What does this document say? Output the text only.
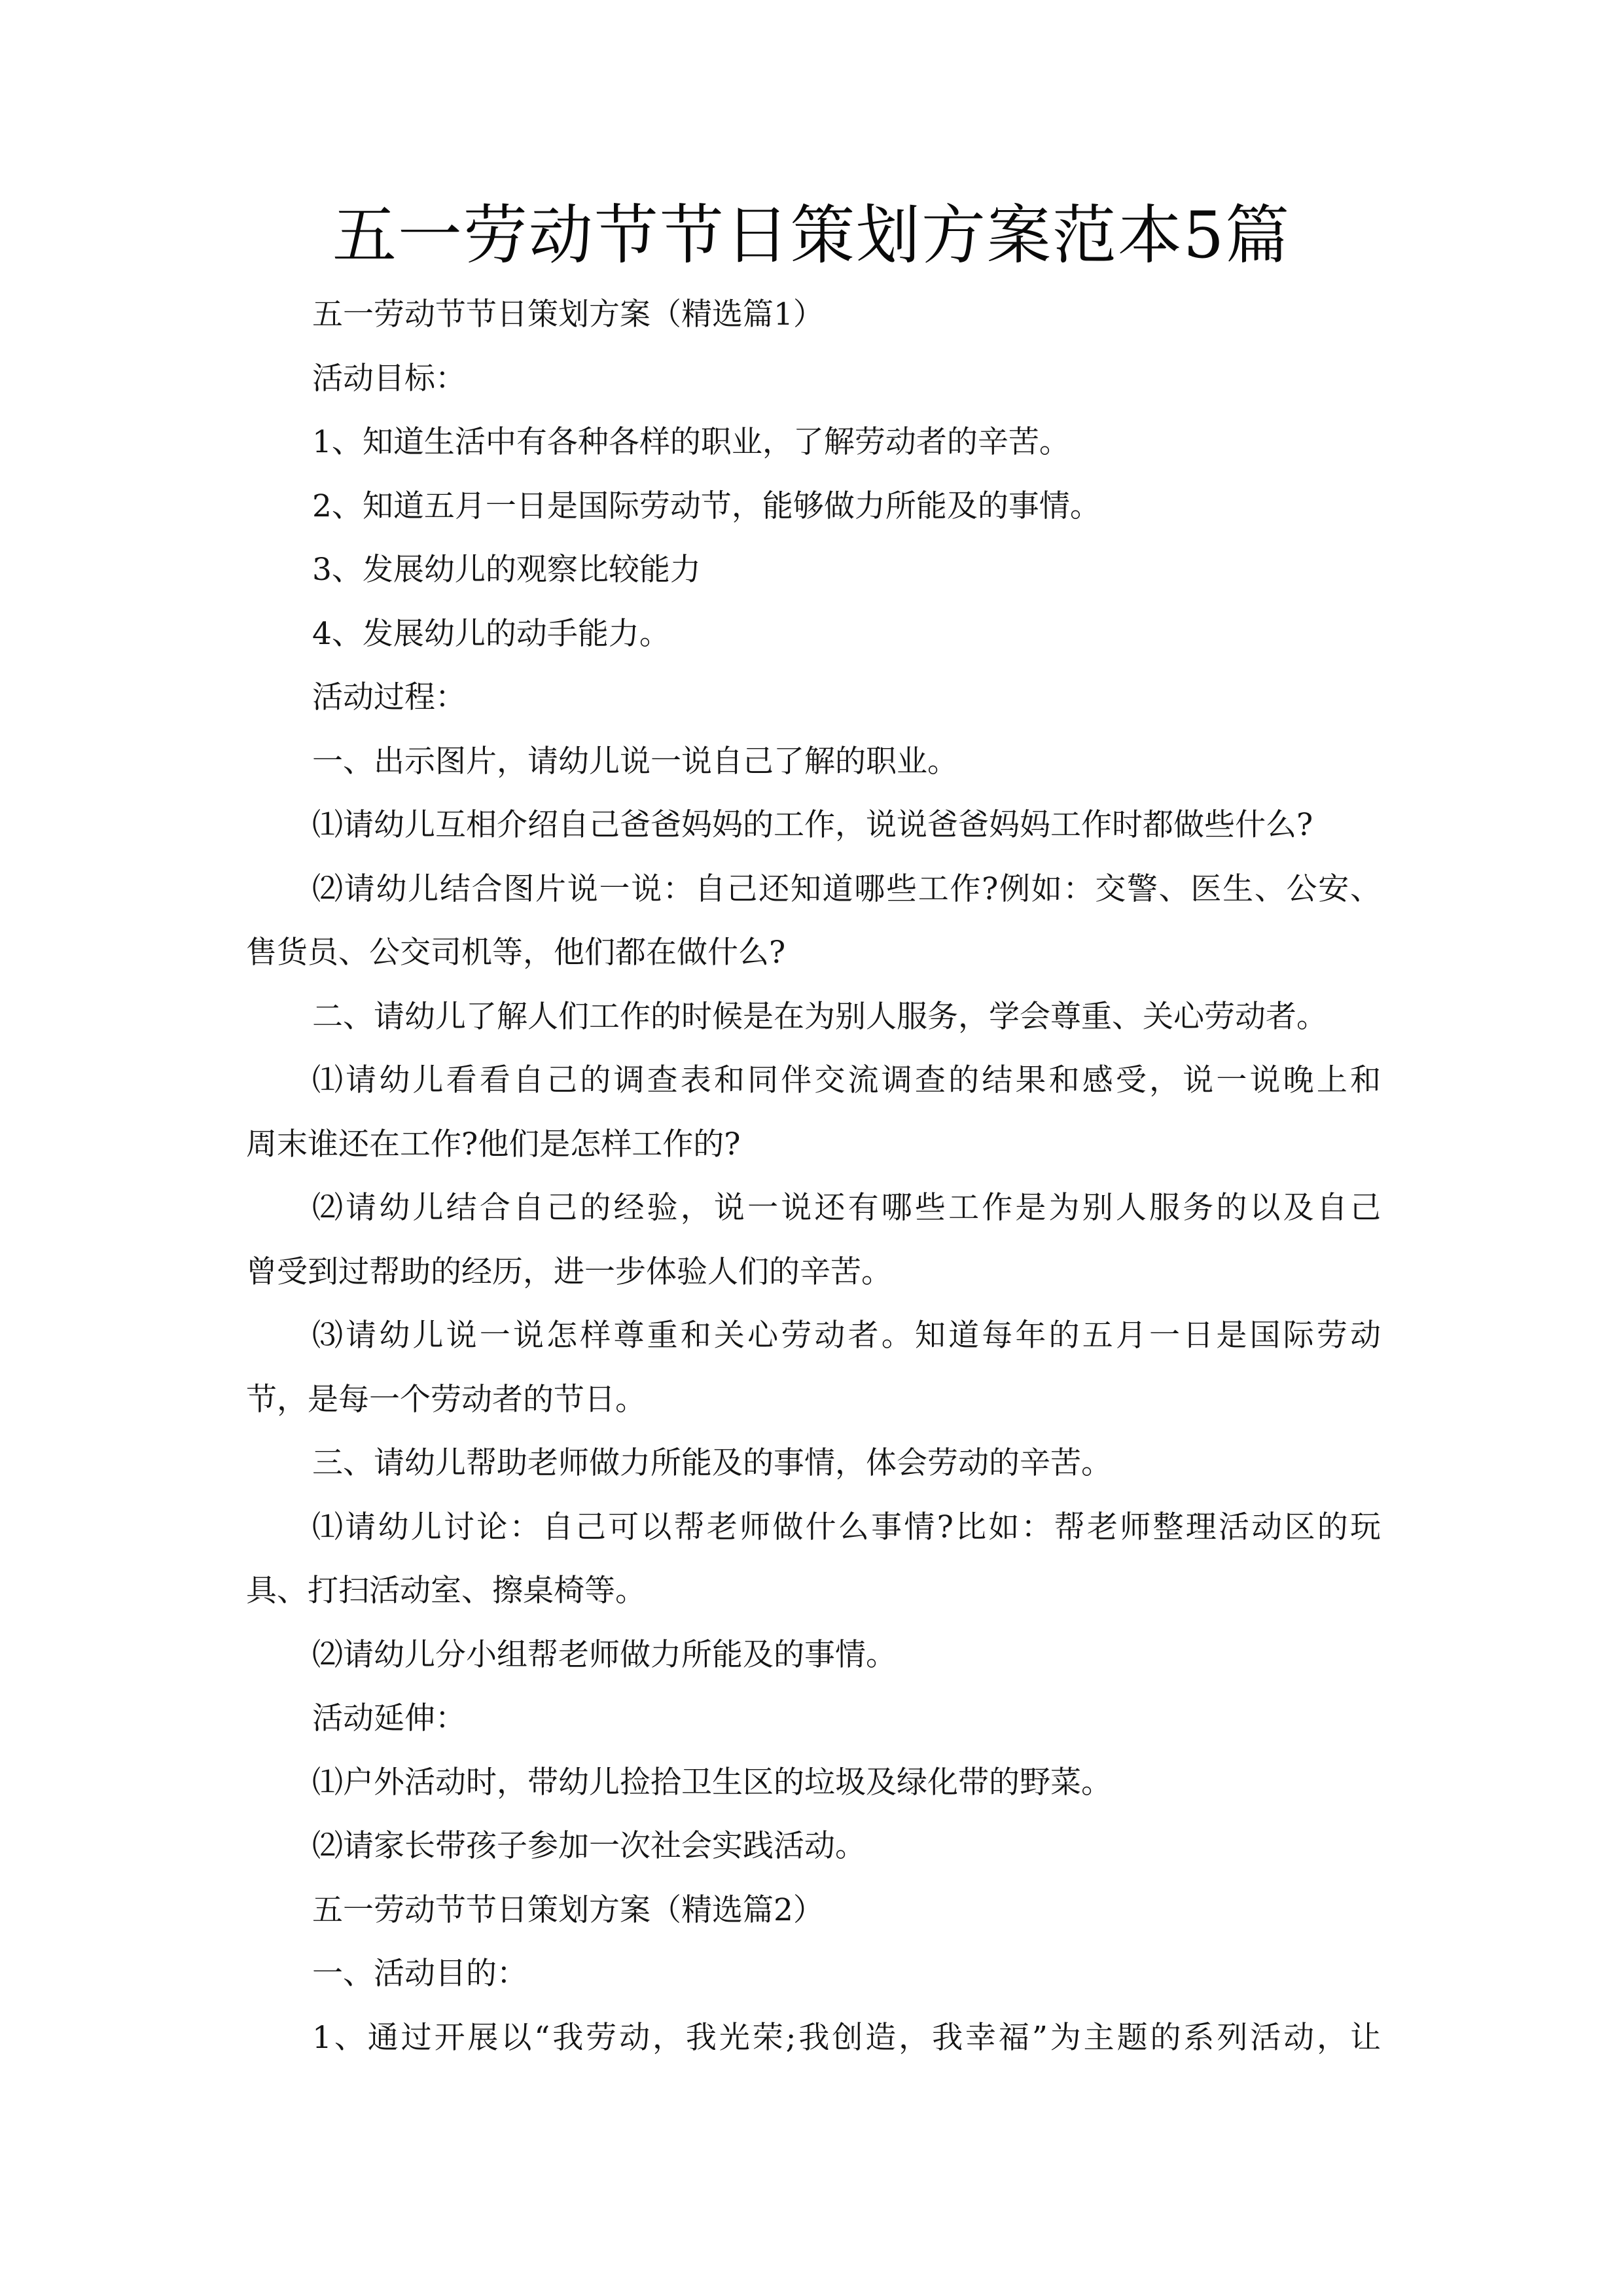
五一劳动节节日策划方案范本5篇
五一劳动节节日策划方案（精选篇1）
活动目标：
1、知道生活中有各种各样的职业，了解劳动者的辛苦。
2、知道五月一日是国际劳动节，能够做力所能及的事情。
3、发展幼儿的观察比较能力
4、发展幼儿的动手能力。
活动过程：
一、出示图片，请幼儿说一说自己了解的职业。
⑴请幼儿互相介绍自己爸爸妈妈的工作，说说爸爸妈妈工作时都做些什么?
⑵请幼儿结合图片说一说：自己还知道哪些工作?例如：交警、医生、公安、
售货员、公交司机等，他们都在做什么?
二、请幼儿了解人们工作的时候是在为别人服务，学会尊重、关心劳动者。
⑴请幼儿看看自己的调查表和同伴交流调查的结果和感受，说一说晚上和
周末谁还在工作?他们是怎样工作的?
⑵请幼儿结合自己的经验，说一说还有哪些工作是为别人服务的以及自己
曾受到过帮助的经历，进一步体验人们的辛苦。
⑶请幼儿说一说怎样尊重和关心劳动者。知道每年的五月一日是国际劳动
节，是每一个劳动者的节日。
三、请幼儿帮助老师做力所能及的事情，体会劳动的辛苦。
⑴请幼儿讨论：自己可以帮老师做什么事情?比如：帮老师整理活动区的玩
具、打扫活动室、擦桌椅等。
⑵请幼儿分小组帮老师做力所能及的事情。
活动延伸：
⑴户外活动时，带幼儿捡拾卫生区的垃圾及绿化带的野菜。
⑵请家长带孩子参加一次社会实践活动。
五一劳动节节日策划方案（精选篇2）
一、活动目的：
1、通过开展以“我劳动，我光荣;我创造，我幸福”为主题的系列活动，让
